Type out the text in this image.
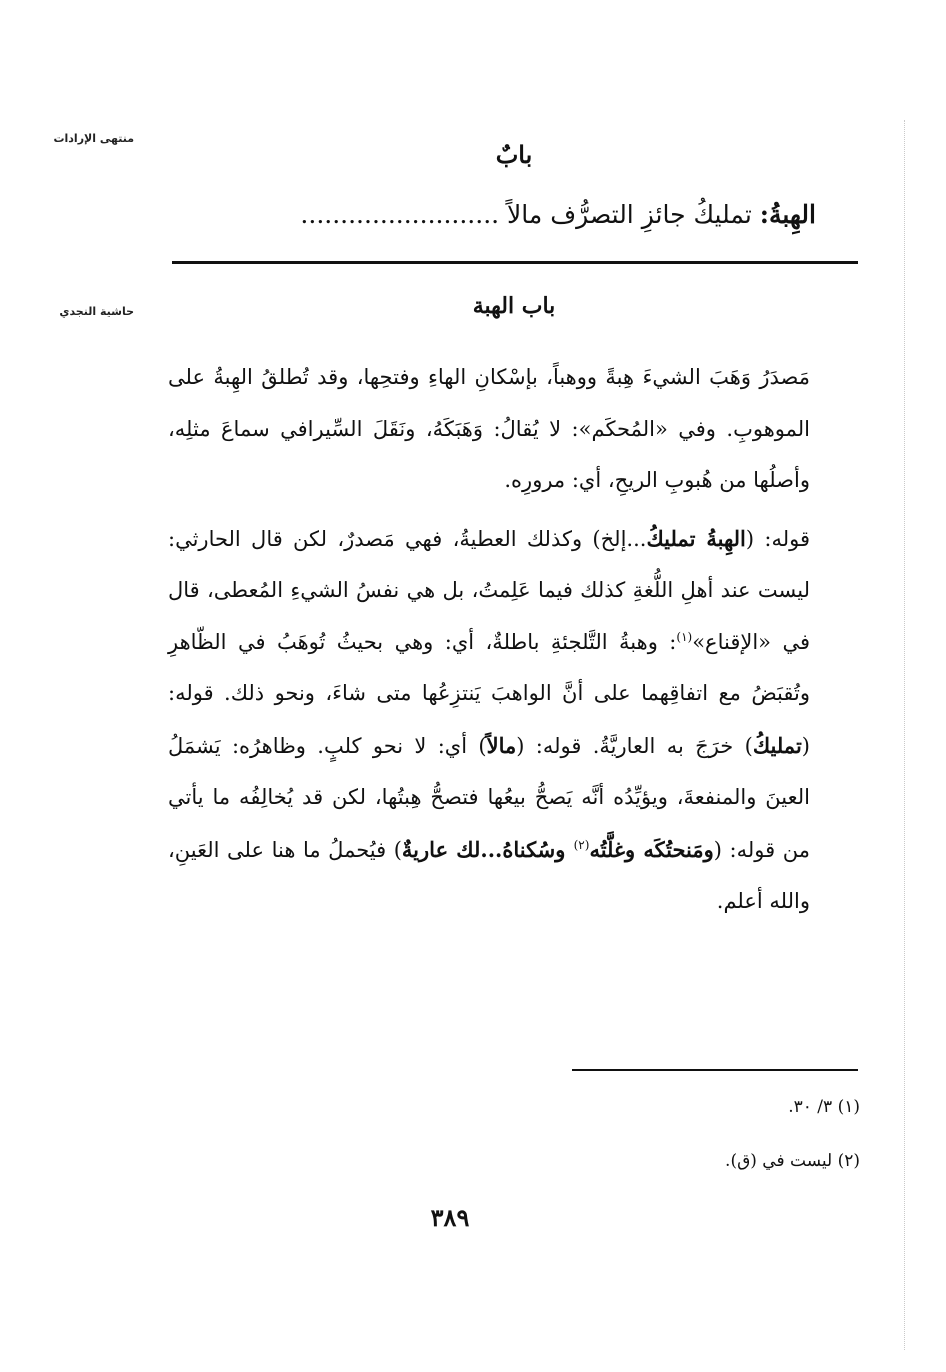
منتهى الإرادات
حاشية النجدي
بابٌ
الهِبةُ: تمليكُ جائزِ التصرُّف مالاً .........................
باب الهبة

مَصدَرُ وَهَبَ الشيءَ هِبةً ووهباً، بإسْكانِ الهاءِ وفتحِها، وقد تُطلقُ الهِبةُ على الموهوبِ. وفي «المُحكَم»: لا يُقالُ: وَهَبَكَهُ، ونَقَلَ السِّيرافي سماعَ مثلِه، وأصلُها من هُبوبِ الريحِ، أي: مرورِه.

قوله: (الهِبةُ تمليكُ...إلخ) وكذلك العطيةُ، فهي مَصدرٌ، لكن قال الحارثي: ليست عند أهلِ اللُّغةِ كذلك فيما عَلِمتُ، بل هي نفسُ الشيءِ المُعطى، قال في «الإقناع»$^{(١)}$: وهبةُ التَّلجئةِ باطلةٌ، أي: وهي بحيثُ تُوهَبُ في الظّاهرِ وتُقبَضُ مع اتفاقِهما على أنَّ الواهبَ يَنتزِعُها متى شاءَ، ونحو ذلك. قوله: (تمليكُ) خرَجَ به العاريَّةُ. قوله: (مالاً) أي: لا نحو كلبٍ. وظاهرُه: يَشمَلُ العينَ والمنفعةَ، ويؤيِّدُه أنَّه يَصحُّ بيعُها فتصحُّ هِبتُها، لكن قد يُخالِفُه ما يأتي من قوله: (ومَنحتُكَه وغلَّتُه$^{(٢)}$ وسُكناهُ...لك عاريةٌ) فيُحملُ ما هنا على العَينِ، والله أعلم.

(١) ٣/ ٣٠.
(٢) ليست في (ق).
٣٨٩
